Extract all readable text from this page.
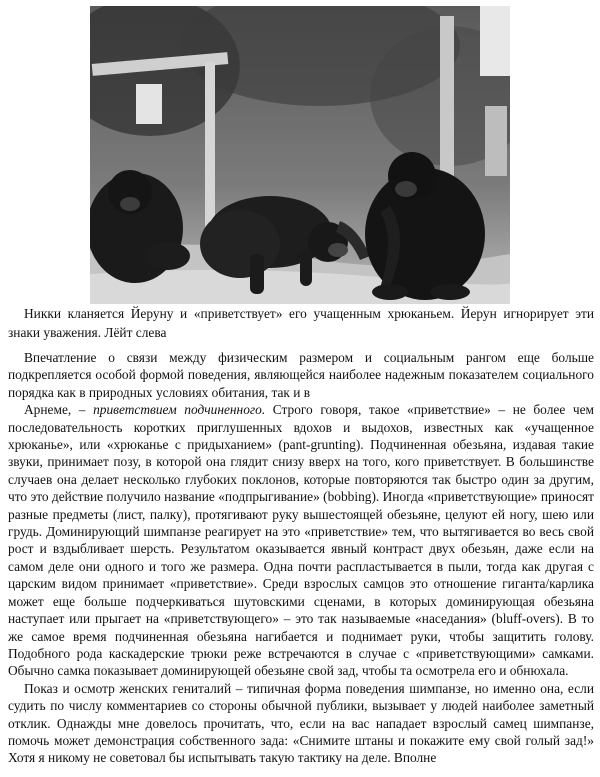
Никки кланяется Йеруну и «приветствует» его учащенным хрюканьем. Йерун игнорирует эти знаки уважения. Лёйт слева

Впечатление о связи между физическим размером и социальным рангом еще больше подкрепляется особой формой поведения, являющейся наиболее надежным показателем социального порядка как в природных условиях обитания, так и в

Арнеме, – приветствием подчиненного. Строго говоря, такое «приветствие» – не более чем последовательность коротких приглушенных вдохов и выдохов, известных как «учащенное хрюканье», или «хрюканье с придыханием» (pant-grunting). Подчиненная обезьяна, издавая такие звуки, принимает позу, в которой она глядит снизу вверх на того, кого приветствует. В большинстве случаев она делает несколько глубоких поклонов, которые повторяются так быстро один за другим, что это действие получило название «подпрыгивание» (bobbing). Иногда «приветствующие» приносят разные предметы (лист, палку), протягивают руку вышестоящей обезьяне, целуют ей ногу, шею или грудь. Доминирующий шимпанзе реагирует на это «приветствие» тем, что вытягивается во весь свой рост и вздыбливает шерсть. Результатом оказывается явный контраст двух обезьян, даже если на самом деле они одного и того же размера. Одна почти распластывается в пыли, тогда как другая с царским видом принимает «приветствие». Среди взрослых самцов это отношение гиганта/карлика может еще больше подчеркиваться шутовскими сценами, в которых доминирующая обезьяна наступает или прыгает на «приветствующего» – это так называемые «наседания» (bluff-overs). В то же самое время подчиненная обезьяна нагибается и поднимает руки, чтобы защитить голову. Подобного рода каскадерские трюки реже встречаются в случае с «приветствующими» самками. Обычно самка показывает доминирующей обезьяне свой зад, чтобы та осмотрела его и обнюхала.

Показ и осмотр женских гениталий – типичная форма поведения шимпанзе, но именно она, если судить по числу комментариев со стороны обычной публики, вызывает у людей наиболее заметный отклик. Однажды мне довелось прочитать, что, если на вас нападает взрослый самец шимпанзе, помочь может демонстрация собственного зада: «Снимите штаны и покажите ему свой голый зад!» Хотя я никому не советовал бы испытывать такую тактику на деле. Вполне
